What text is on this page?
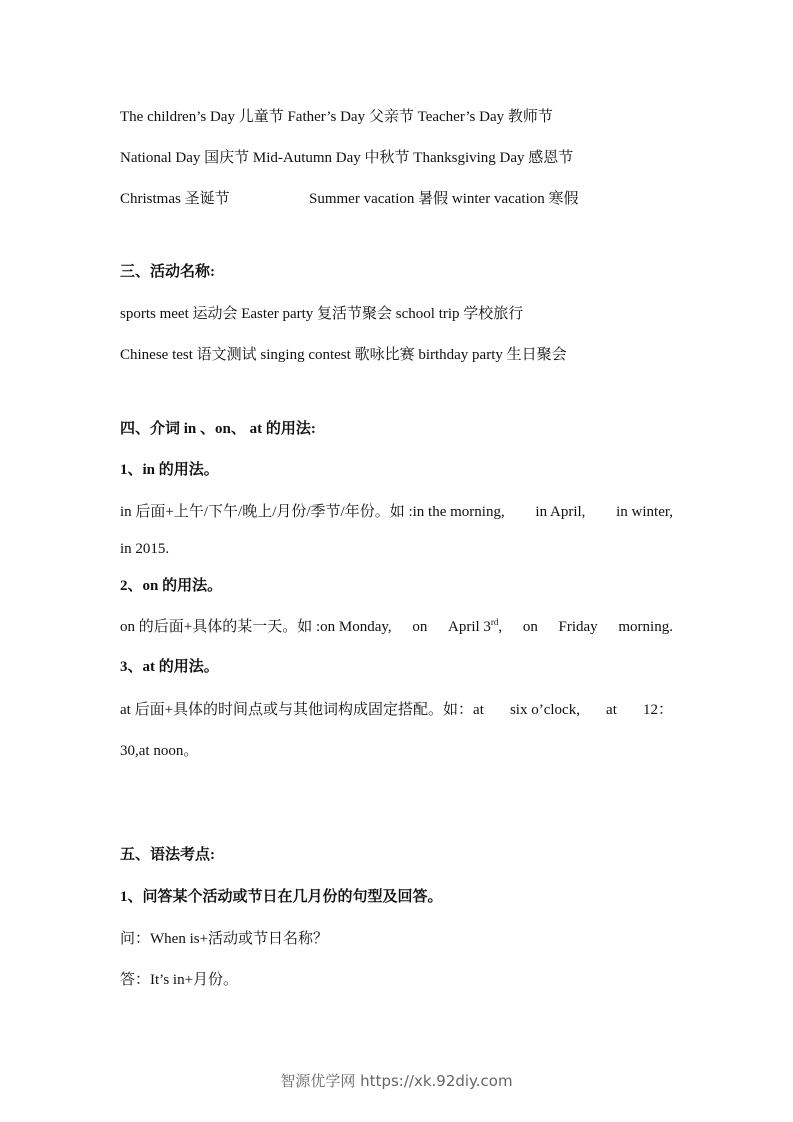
The children’s Day 儿童节 Father’s Day 父亲节 Teacher’s Day 教师节
National Day 国庆节 Mid-Autumn Day 中秋节 Thanksgiving Day 感恩节
Christmas 圣诞节	Summer vacation 暑假 winter vacation 寒假
三、活动名称:
sports meet 运动会 Easter party 复活节聚会 school trip 学校旅行
Chinese test 语文测试 singing contest 歌咏比赛 birthday party 生日聚会
四、介词 in 、on、 at 的用法:
1、in 的用法。
in 后面+上午/下午/晚上/月份/季节/年份。如 :in the morning, in April, in winter,
in 2015.
2、on 的用法。
on 的后面+具体的某一天。如 :on Monday, on April 3rd, on Friday morning.
3、at 的用法。
at 后面+具体的时间点或与其他词构成固定搭配。如：at six o’clock, at 12：
30,at noon。
五、语法考点:
1、问答某个活动或节日在几月份的句型及回答。
问：When is+活动或节日名称？
答：It’s in+月份。
智源优学网 https://xk.92diy.com
